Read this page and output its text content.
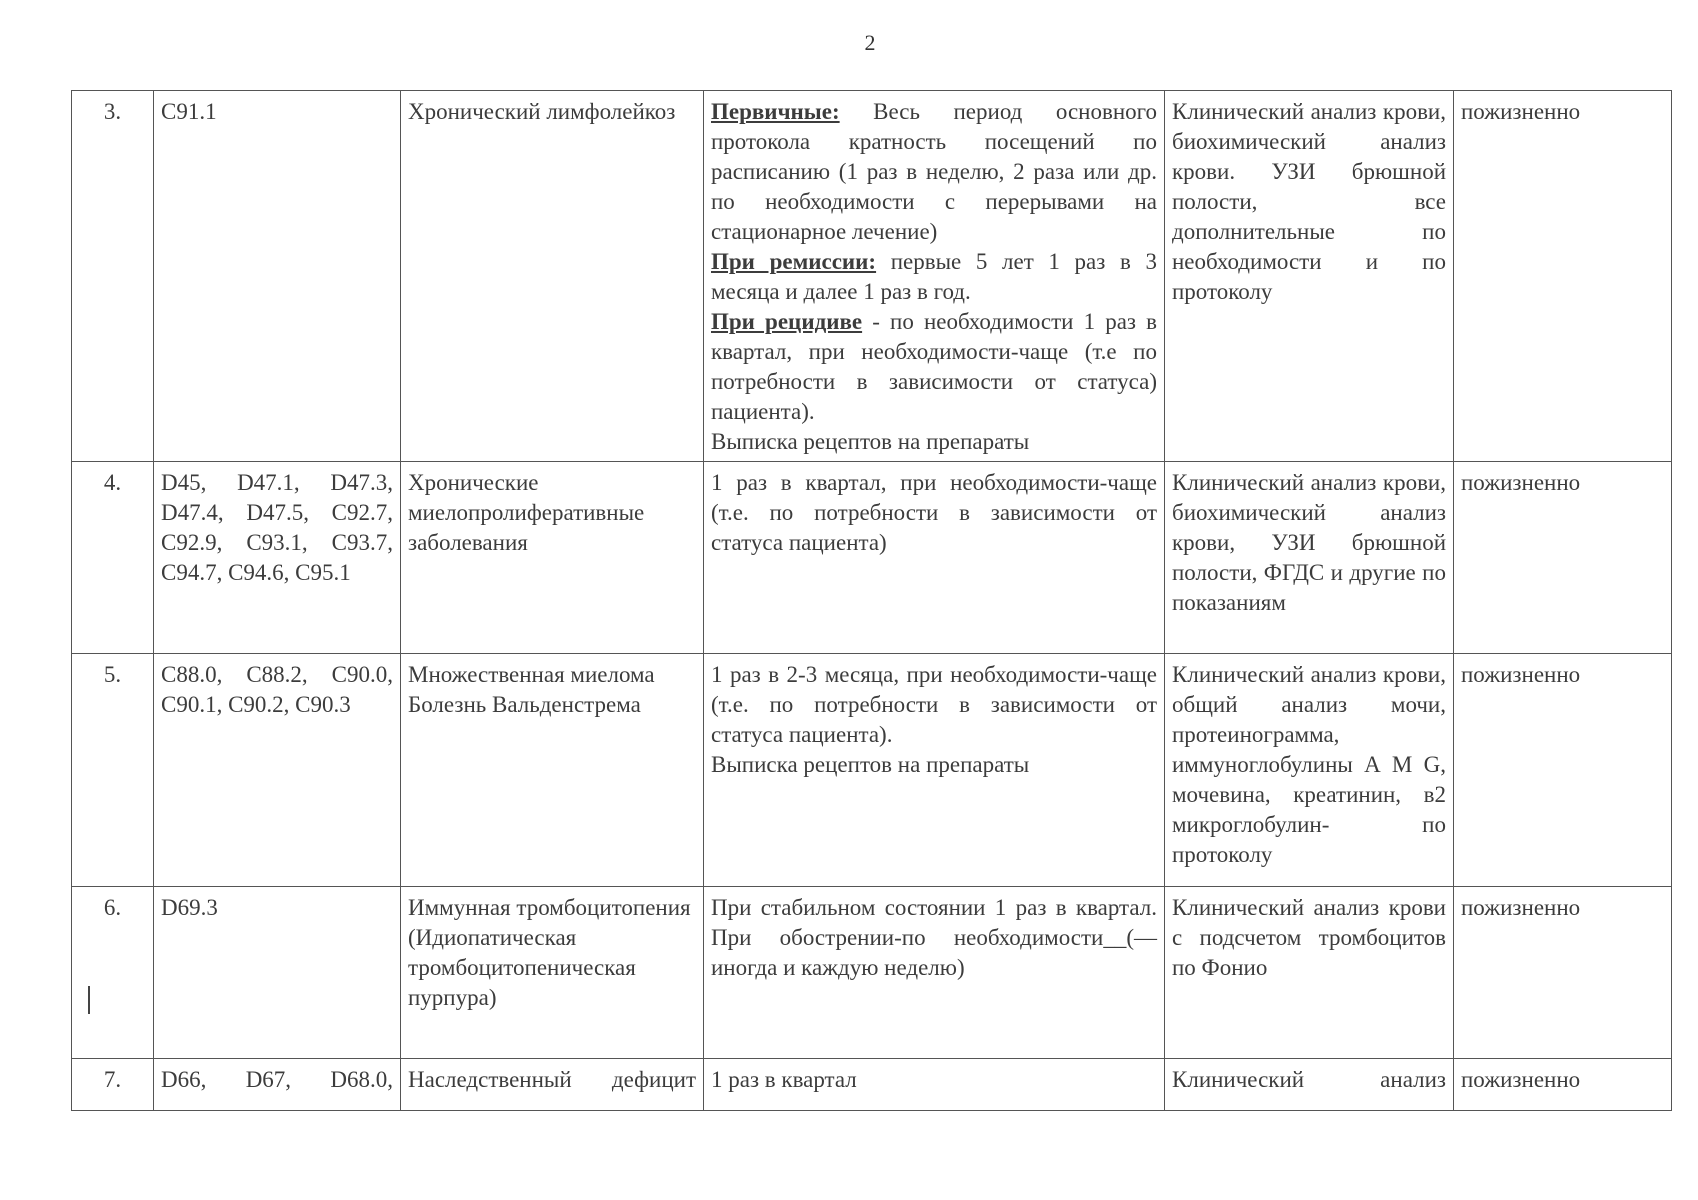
2
3.	C91.1	Хронический лимфолейкоз	Первичные: Весь период основного протокола кратность посещений по расписанию (1 раз в неделю, 2 раза или др. по необходимости с перерывами на стационарное лечение)
При ремиссии: первые 5 лет 1 раз в 3 месяца и далее 1 раз в год.
При рецидиве - по необходимости 1 раз в квартал, при необходимости-чаще (т.е по потребности в зависимости от статуса) пациента).
Выписка рецептов на препараты	Клинический анализ крови, биохимический анализ крови. УЗИ брюшной полости, все дополнительные по необходимости и по протоколу	пожизненно
4.	D45, D47.1, D47.3, D47.4, D47.5, C92.7, C92.9, C93.1, C93.7, C94.7, C94.6, C95.1	Хронические миелопролиферативные заболевания	1 раз в квартал, при необходимости-чаще (т.е. по потребности в зависимости от статуса пациента)	Клинический анализ крови, биохимический анализ крови, УЗИ брюшной полости, ФГДС и другие по показаниям	пожизненно
5.	C88.0, C88.2, C90.0, C90.1, C90.2, C90.3	Множественная миелома
Болезнь Вальденстрема	1 раз в 2-3 месяца, при необходимости-чаще (т.е. по потребности в зависимости от статуса пациента).
Выписка рецептов на препараты	Клинический анализ крови, общий анализ мочи, протеинограмма, иммуноглобулины А М G, мочевина, креатинин, в2 микроглобулин- по протоколу	пожизненно
6.	D69.3	Иммунная тромбоцитопения (Идиопатическая тромбоцитопеническая пурпура)	При стабильном состоянии 1 раз в квартал. При обострении-по необходимости__(—иногда и каждую неделю)	Клинический анализ крови с подсчетом тромбоцитов по Фонио	пожизненно
7.	D66, D67, D68.0,	Наследственный дефицит	1 раз в квартал	Клинический анализ	пожизненно
